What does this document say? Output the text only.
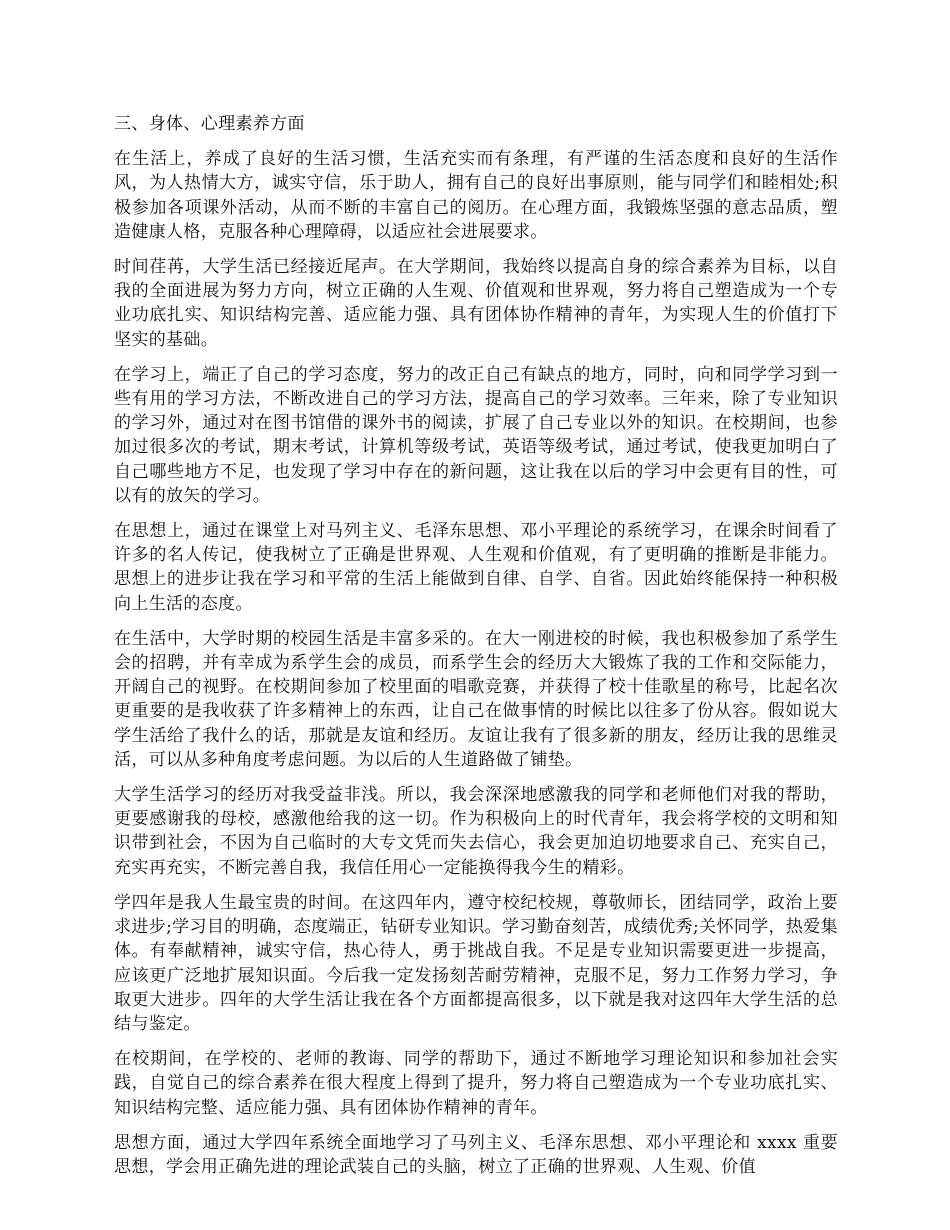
三、身体、心理素养方面

在生活上，养成了良好的生活习惯，生活充实而有条理，有严谨的生活态度和良好的生活作风，为人热情大方，诚实守信，乐于助人，拥有自己的良好出事原则，能与同学们和睦相处;积极参加各项课外活动，从而不断的丰富自己的阅历。在心理方面，我锻炼坚强的意志品质，塑造健康人格，克服各种心理障碍，以适应社会进展要求。

时间荏苒，大学生活已经接近尾声。在大学期间，我始终以提高自身的综合素养为目标，以自我的全面进展为努力方向，树立正确的人生观、价值观和世界观，努力将自己塑造成为一个专业功底扎实、知识结构完善、适应能力强、具有团体协作精神的青年，为实现人生的价值打下坚实的基础。

在学习上，端正了自己的学习态度，努力的改正自己有缺点的地方，同时，向和同学学习到一些有用的学习方法，不断改进自己的学习方法，提高自己的学习效率。三年来，除了专业知识的学习外，通过对在图书馆借的课外书的阅读，扩展了自己专业以外的知识。在校期间，也参加过很多次的考试，期末考试，计算机等级考试，英语等级考试，通过考试，使我更加明白了自己哪些地方不足，也发现了学习中存在的新问题，这让我在以后的学习中会更有目的性，可以有的放矢的学习。

在思想上，通过在课堂上对马列主义、毛泽东思想、邓小平理论的系统学习，在课余时间看了许多的名人传记，使我树立了正确是世界观、人生观和价值观，有了更明确的推断是非能力。思想上的进步让我在学习和平常的生活上能做到自律、自学、自省。因此始终能保持一种积极向上生活的态度。

在生活中，大学时期的校园生活是丰富多采的。在大一刚进校的时候，我也积极参加了系学生会的招聘，并有幸成为系学生会的成员，而系学生会的经历大大锻炼了我的工作和交际能力，开阔自己的视野。在校期间参加了校里面的唱歌竞赛，并获得了校十佳歌星的称号，比起名次更重要的是我收获了许多精神上的东西，让自己在做事情的时候比以往多了份从容。假如说大学生活给了我什么的话，那就是友谊和经历。友谊让我有了很多新的朋友，经历让我的思维灵活，可以从多种角度考虑问题。为以后的人生道路做了铺垫。

大学生活学习的经历对我受益非浅。所以，我会深深地感激我的同学和老师他们对我的帮助，更要感谢我的母校，感激他给我的这一切。作为积极向上的时代青年，我会将学校的文明和知识带到社会，不因为自己临时的大专文凭而失去信心，我会更加迫切地要求自己、充实自己，充实再充实，不断完善自我，我信任用心一定能换得我今生的精彩。

学四年是我人生最宝贵的时间。在这四年内，遵守校纪校规，尊敬师长，团结同学，政治上要求进步;学习目的明确，态度端正，钻研专业知识。学习勤奋刻苦，成绩优秀;关怀同学，热爱集体。有奉献精神，诚实守信，热心待人，勇于挑战自我。不足是专业知识需要更进一步提高，应该更广泛地扩展知识面。今后我一定发扬刻苦耐劳精神，克服不足，努力工作努力学习，争取更大进步。四年的大学生活让我在各个方面都提高很多，以下就是我对这四年大学生活的总结与鉴定。

在校期间，在学校的、老师的教诲、同学的帮助下，通过不断地学习理论知识和参加社会实践，自觉自己的综合素养在很大程度上得到了提升，努力将自己塑造成为一个专业功底扎实、知识结构完整、适应能力强、具有团体协作精神的青年。

思想方面，通过大学四年系统全面地学习了马列主义、毛泽东思想、邓小平理论和 xxxx 重要思想，学会用正确先进的理论武装自己的头脑，树立了正确的世界观、人生观、价值
